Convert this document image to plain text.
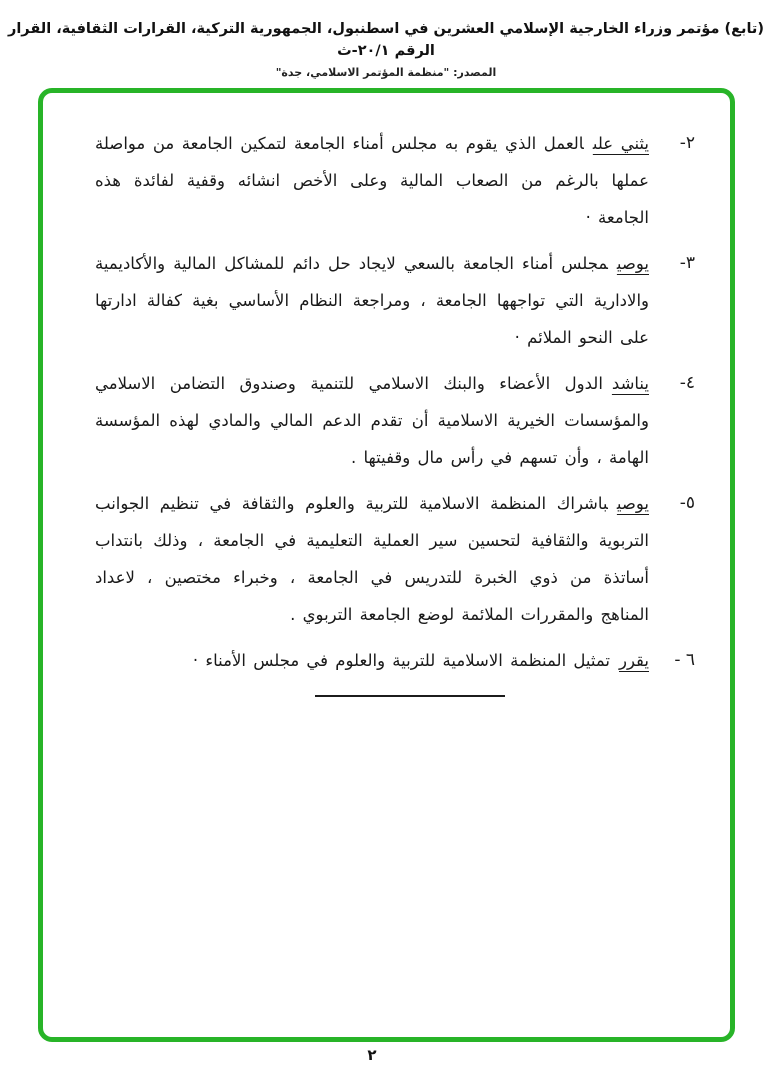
(تابع) مؤتمر وزراء الخارجية الإسلامي العشرين في اسطنبول، الجمهورية التركية، القرارات الثقافية، القرار الرقم ٢٠/١-ث
المصدر: "منظمة المؤتمر الاسلامي، جدة"
٢-
يثني علىالعمل الذي يقوم به مجلس أمناء الجامعة لتمكين الجامعة من مواصلة عملها بالرغم من الصعاب المالية وعلى الأخص انشائه وقفية لفائدة هذه الجامعة ·
٣-
يوصيمجلس أمناء الجامعة بالسعي لايجاد حل دائم للمشاكل المالية والأكاديمية والادارية التي تواجهها الجامعة ، ومراجعة النظام الأساسي بغية كفالة ادارتها على النحو الملائم ·
٤-
يناشدالدول الأعضاء والبنك الاسلامي للتنمية وصندوق التضامن الاسلامي والمؤسسات الخيرية الاسلامية أن تقدم الدعم المالي والمادي لهذه المؤسسة الهامة ، وأن تسهم في رأس مال وقفيتها .
٥-
يوصيباشراك المنظمة الاسلامية للتربية والعلوم والثقافة في تنظيم الجوانب التربوية والثقافية لتحسين سير العملية التعليمية في الجامعة ، وذلك بانتداب أساتذة من ذوي الخبرة للتدريس في الجامعة ، وخبراء مختصين ، لاعداد المناهج والمقررات الملائمة لوضع الجامعة التربوي .
٦ -
يقررتمثيل المنظمة الاسلامية للتربية والعلوم في مجلس الأمناء ·
٢
